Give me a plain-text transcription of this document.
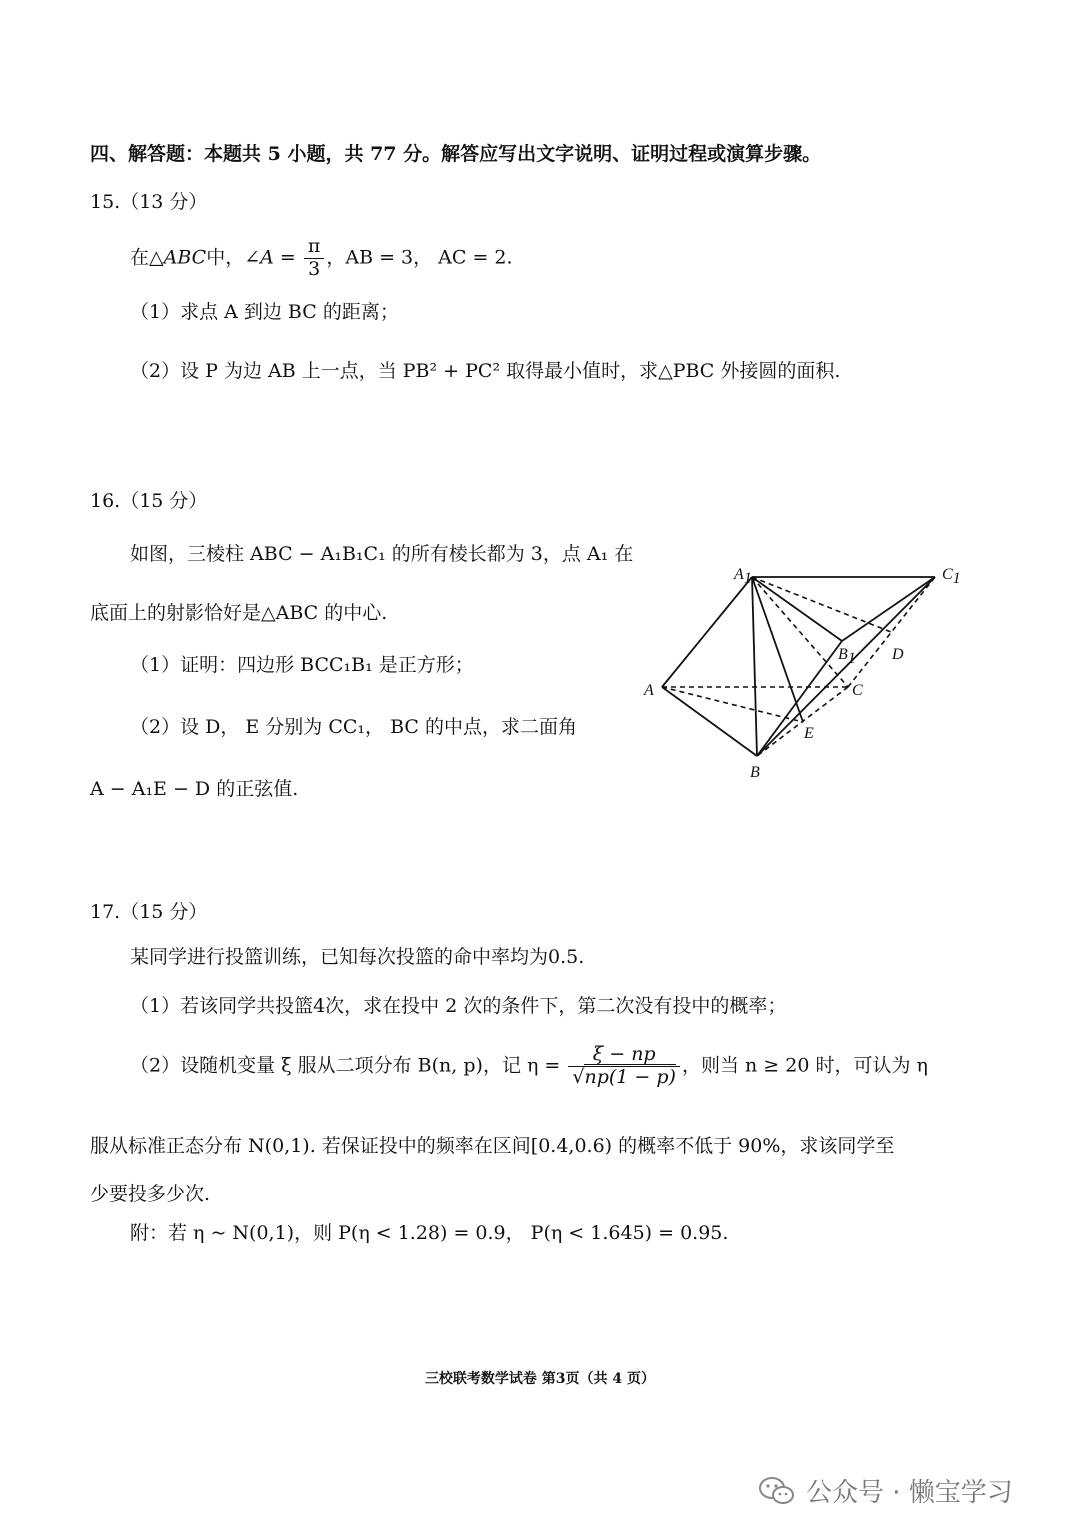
四、解答题：本题共 5 小题，共 77 分。解答应写出文字说明、证明过程或演算步骤。
15.（13 分）
在△ABC中，∠A = $\frac{\pi}{3}$ ，AB = 3， AC = 2.
（1）求点 A 到边 BC 的距离；
（2）设 P 为边 AB 上一点，当 PB² + PC² 取得最小值时，求△PBC 外接圆的面积.
16.（15 分）
如图，三棱柱 ABC − A₁B₁C₁ 的所有棱长都为 3，点 A₁ 在
底面上的射影恰好是△ABC 的中心.
（1）证明：四边形 BCC₁B₁ 是正方形；
（2）设 D， E 分别为 CC₁， BC 的中点，求二面角
A − A₁E − D 的正弦值.
A1	C1
B1 D
A	C
E
B
17.（15 分）
某同学进行投篮训练，已知每次投篮的命中率均为0.5.
（1）若该同学共投篮4次，求在投中 2 次的条件下，第二次没有投中的概率；
（2）设随机变量 ξ 服从二项分布 B(n, p)，记 $\eta = \frac{\xi - np}{√np(1 - p)}$ ，则当 n ≥ 20 时，可认为 η
服从标准正态分布 N(0,1). 若保证投中的频率在区间[0.4,0.6) 的概率不低于 90%，求该同学至
少要投多少次.
附：若 η ~ N(0,1)，则 P(η < 1.28) = 0.9， P(η < 1.645) = 0.95.
三校联考数学试卷 第3页（共 4 页）
公众号 · 懒宝学习
